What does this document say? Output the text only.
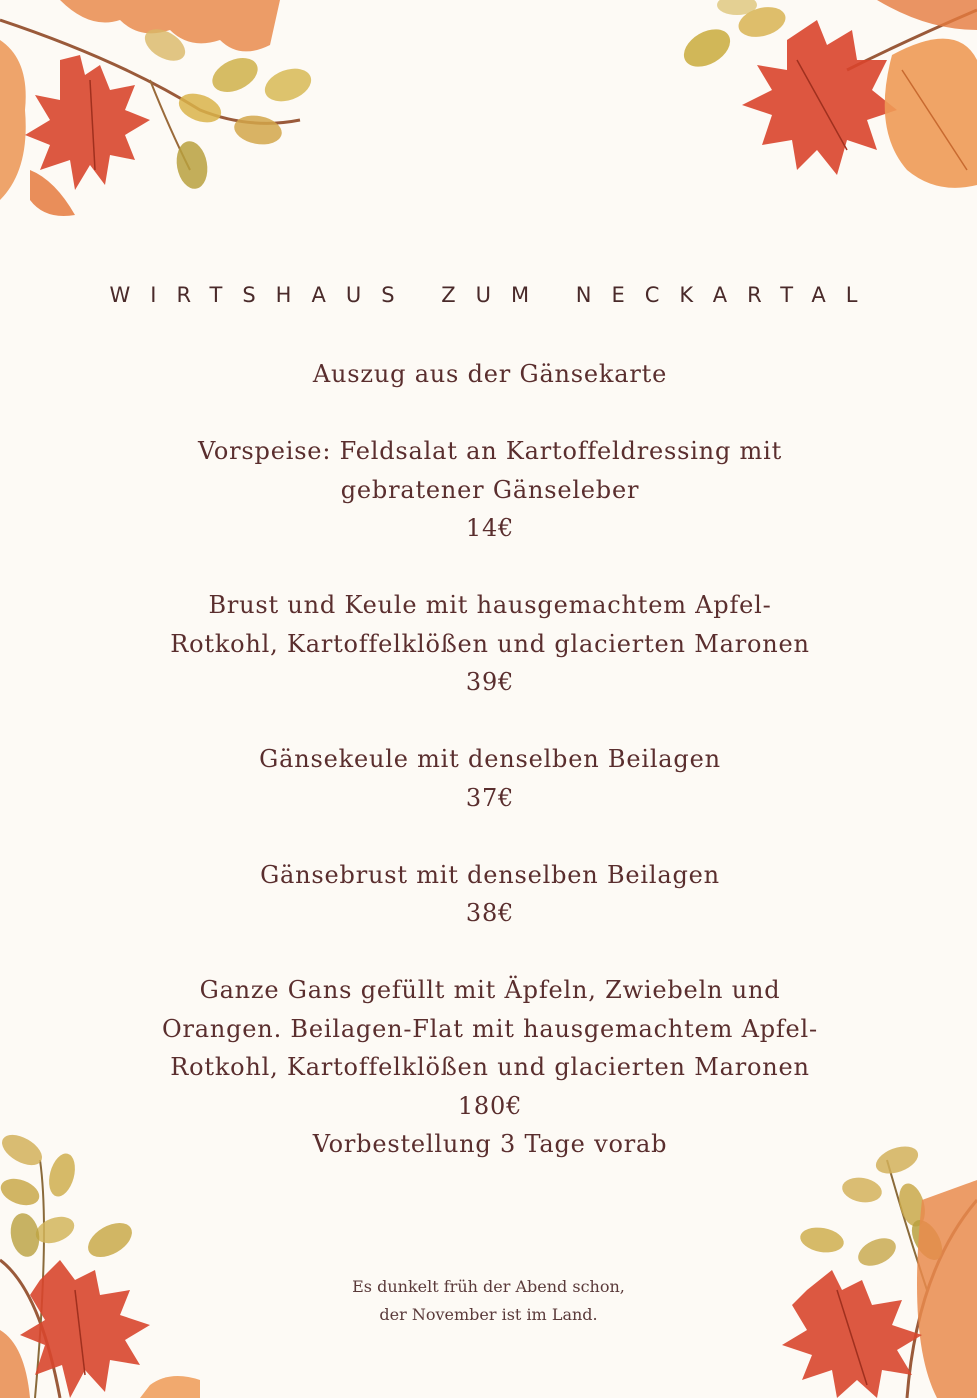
WIRTSHAUS ZUM NECKARTAL
Auszug aus der Gänsekarte
Vorspeise: Feldsalat an Kartoffeldressing mit
gebratener Gänseleber
14€
Brust und Keule mit hausgemachtem Apfel-
Rotkohl, Kartoffelklößen und glacierten Maronen
39€
Gänsekeule mit denselben Beilagen
37€
Gänsebrust mit denselben Beilagen
38€
Ganze Gans gefüllt mit Äpfeln, Zwiebeln und
Orangen. Beilagen-Flat mit hausgemachtem Apfel-
Rotkohl, Kartoffelklößen und glacierten Maronen
180€
Vorbestellung 3 Tage vorab
Es dunkelt früh der Abend schon,
der November ist im Land.
